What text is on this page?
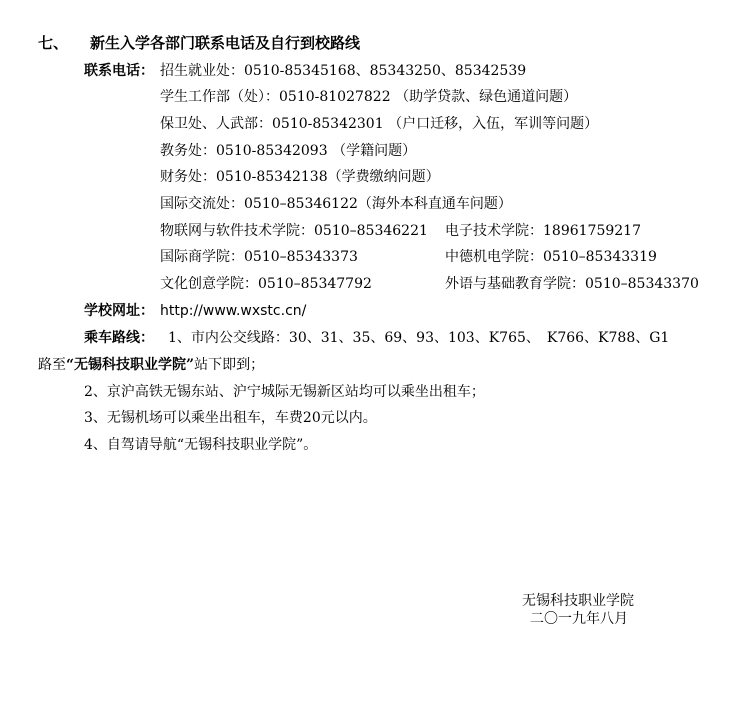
七、 新生入学各部门联系电话及自行到校路线
联系电话： 招生就业处：0510-85345168、85343250、85342539
学生工作部（处）：0510-81027822 （助学贷款、绿色通道问题）
保卫处、人武部：0510-85342301 （户口迁移，入伍，军训等问题）
教务处：0510-85342093 （学籍问题）
财务处：0510-85342138（学费缴纳问题）
国际交流处：0510–85346122（海外本科直通车问题）
物联网与软件技术学院：0510–85346221 电子技术学院：18961759217
国际商学院：0510–85343373	中德机电学院：0510–85343319
文化创意学院：0510–85347792	外语与基础教育学院：0510–85343370
学校网址： http://www.wxstc.cn/
乘车路线： 1、市内公交线路：30、31、35、69、93、103、K765、　K766、K788、G1
路至“无锡科技职业学院”站下即到；
2、京沪高铁无锡东站、沪宁城际无锡新区站均可以乘坐出租车；
3、无锡机场可以乘坐出租车，车费20元以内。
4、自驾请导航“无锡科技职业学院”。
无锡科技职业学院
二〇一九年八月
